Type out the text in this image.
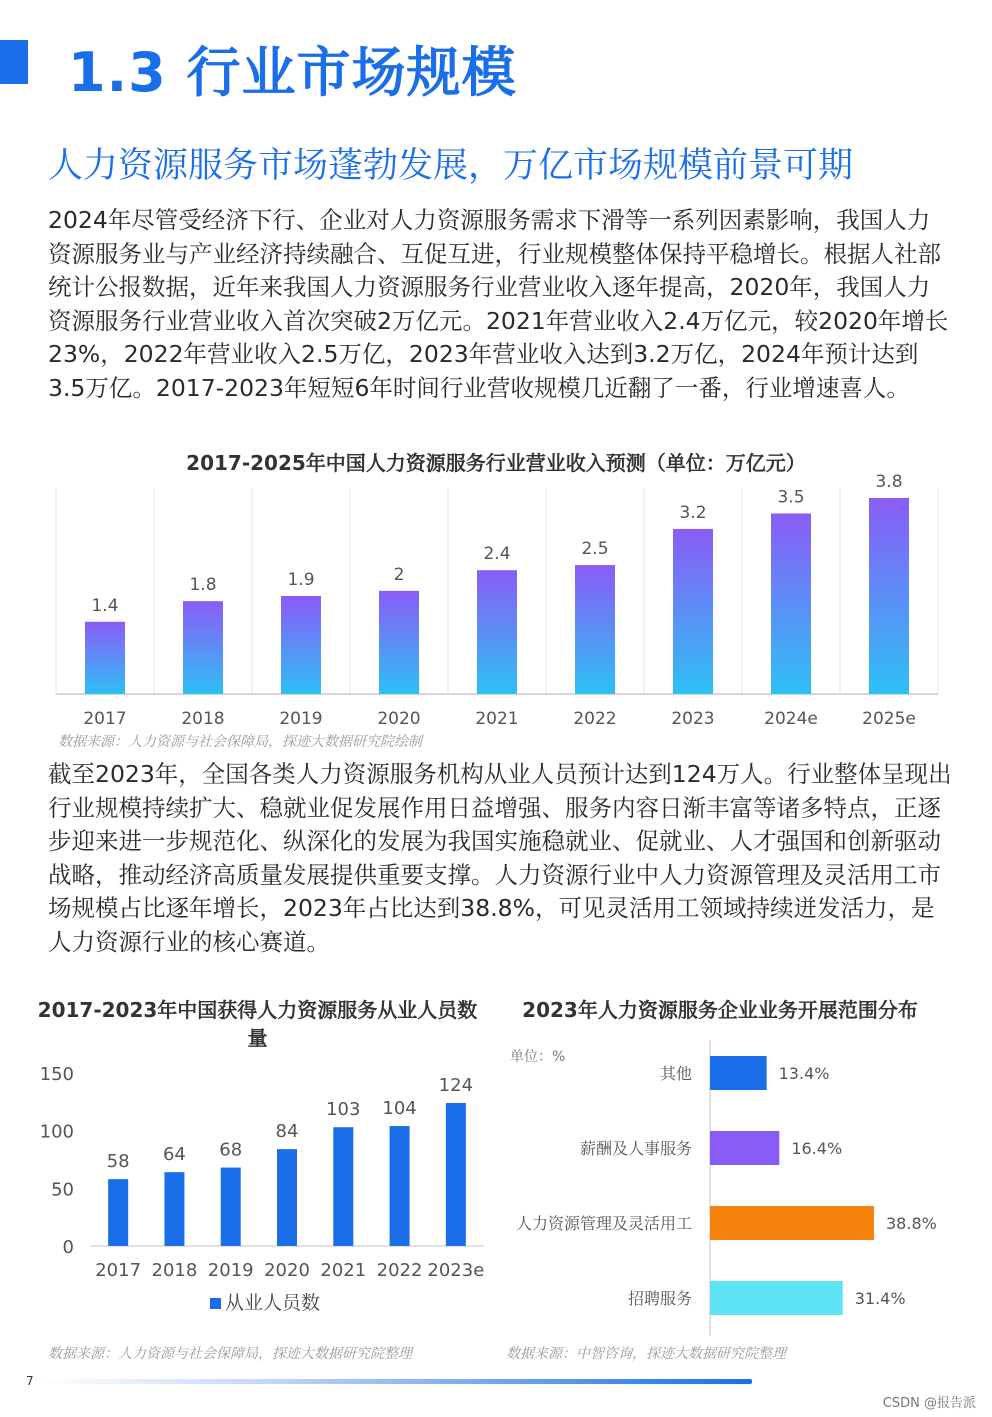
1.3 行业市场规模
人力资源服务市场蓬勃发展，万亿市场规模前景可期

2024年尽管受经济下行、企业对人力资源服务需求下滑等一系列因素影响，我国人力资源服务业与产业经济持续融合、互促互进，行业规模整体保持平稳增长。根据人社部统计公报数据，近年来我国人力资源服务行业营业收入逐年提高，2020年，我国人力资源服务行业营业收入首次突破2万亿元。2021年营业收入2.4万亿元，较2020年增长23%，2022年营业收入2.5万亿，2023年营业收入达到3.2万亿，2024年预计达到3.5万亿。2017-2023年短短6年时间行业营收规模几近翻了一番，行业增速喜人。

2017-2025年中国人力资源服务行业营业收入预测（单位：万亿元）
1.4
2017
1.8
2018
1.9
2019
2
2020
2.4
2021
2.5
2022
3.2
2023
3.5
2024e
3.8
2025e
数据来源：人力资源与社会保障局，探迹大数据研究院绘制

截至2023年，全国各类人力资源服务机构从业人员预计达到124万人。行业整体呈现出行业规模持续扩大、稳就业促发展作用日益增强、服务内容日渐丰富等诸多特点，正逐步迎来进一步规范化、纵深化的发展为我国实施稳就业、促就业、人才强国和创新驱动战略，推动经济高质量发展提供重要支撑。人力资源行业中人力资源管理及灵活用工市场规模占比逐年增长，2023年占比达到38.8%，可见灵活用工领域持续迸发活力，是人力资源行业的核心赛道。

2017-2023年中国获得人力资源服务从业人员数量
0
50
100
150
58
2017
64
2018
68
2019
84
2020
103
2021
104
2022
124
2023e
从业人员数
数据来源：人力资源与社会保障局，探迹大数据研究院整理
2023年人力资源服务企业业务开展范围分布
单位：%
其他	13.4%
薪酬及人事服务	16.4%
人力资源管理及灵活用工	38.8%
招聘服务	31.4%
数据来源：中智咨询，探迹大数据研究院整理
7
CSDN @报告派
